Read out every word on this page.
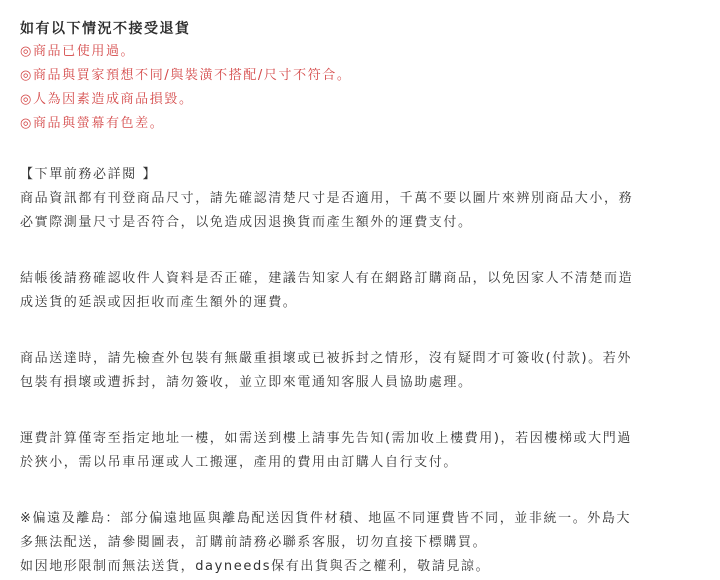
如有以下情況不接受退貨
◎商品已使用過。
◎商品與買家預想不同/與裝潢不搭配/尺寸不符合。
◎人為因素造成商品損毀。
◎商品與螢幕有色差。
【下單前務必詳閱 】

商品資訊都有刊登商品尺寸，請先確認清楚尺寸是否適用，千萬不要以圖片來辨別商品大小，務
必實際測量尺寸是否符合，以免造成因退換貨而產生額外的運費支付。

結帳後請務確認收件人資料是否正確，建議告知家人有在網路訂購商品，以免因家人不清楚而造
成送貨的延誤或因拒收而產生額外的運費。

商品送達時，請先檢查外包裝有無嚴重損壞或已被拆封之情形，沒有疑問才可簽收(付款)。若外
包裝有損壞或遭拆封，請勿簽收，並立即來電通知客服人員協助處理。

運費計算僅寄至指定地址一樓，如需送到樓上請事先告知(需加收上樓費用)，若因樓梯或大門過
於狹小，需以吊車吊運或人工搬運，產用的費用由訂購人自行支付。

※偏遠及離島：部分偏遠地區與離島配送因貨件材積、地區不同運費皆不同，並非統一。外島大
多無法配送，請參閱圖表，訂購前請務必聯系客服，切勿直接下標購買。
如因地形限制而無法送貨，dayneeds保有出貨與否之權利，敬請見諒。
